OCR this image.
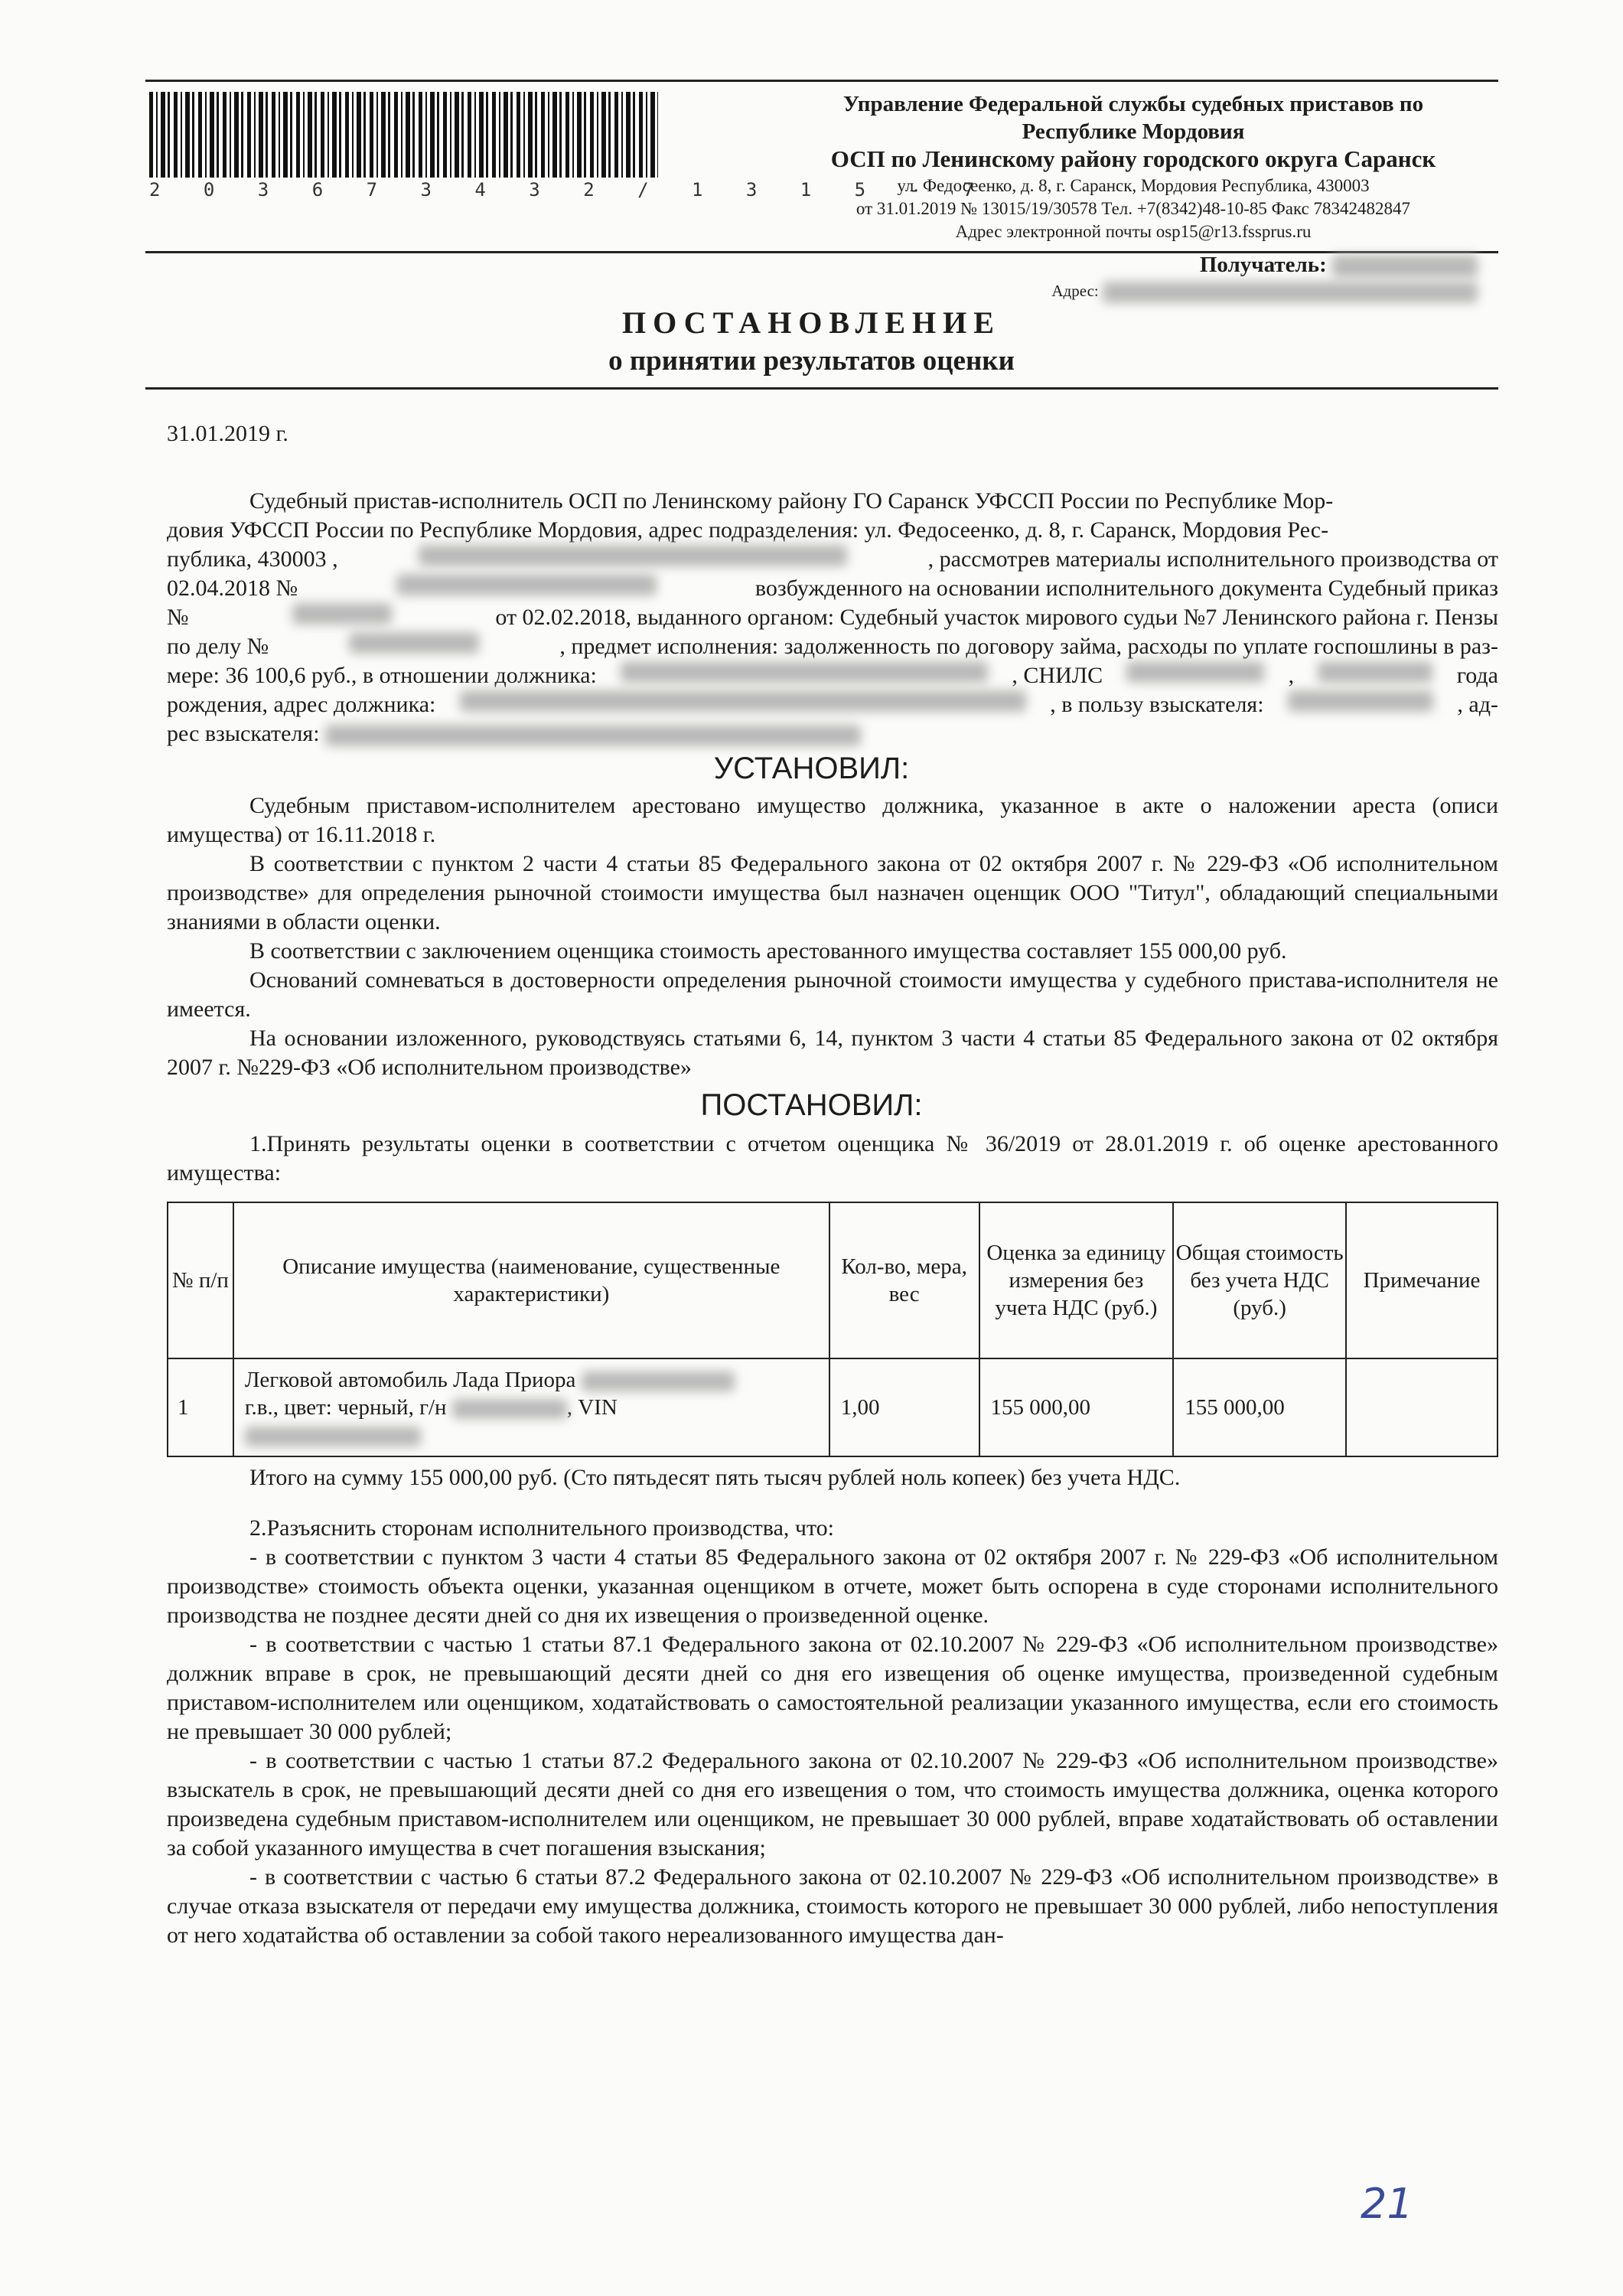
2 0 3 6 7 3 4 3 2 / 1 3 1 5 - 7
Управление Федеральной службы судебных приставов по
Республике Мордовия
ОСП по Ленинскому району городского округа Саранск
ул. Федосеенко, д. 8, г. Саранск, Мордовия Республика, 430003
от 31.01.2019 № 13015/19/30578 Тел. +7(8342)48-10-85 Факс 78342482847
Адрес электронной почты osp15@r13.fssprus.ru
Получатель:
Адрес:
ПОСТАНОВЛЕНИЕ
о принятии результатов оценки
31.01.2019 г.
Судебный пристав-исполнитель ОСП по Ленинскому району ГО Саранск УФССП России по Республике Мор-
довия УФССП России по Республике Мордовия, адрес подразделения: ул. Федосеенко, д. 8, г. Саранск, Мордовия Рес-
публика, 430003 ,	, рассмотрев материалы исполнительного производства от
02.04.2018 №	возбужденного на основании исполнительного документа Судебный приказ
№	от 02.02.2018, выданного органом: Судебный участок мирового судьи №7 Ленинского района г. Пензы
по делу №	, предмет исполнения: задолженность по договору займа, расходы по уплате госпошлины в раз-
мере: 36 100,6 руб., в отношении должника:	, СНИЛС	,	года
рождения, адрес должника:	, в пользу взыскателя:	, ад-
рес взыскателя:
УСТАНОВИЛ:

Судебным приставом-исполнителем арестовано имущество должника, указанное в акте о наложении ареста (описи имущества) от 16.11.2018 г.

В соответствии с пунктом 2 части 4 статьи 85 Федерального закона от 02 октября 2007 г. № 229-ФЗ «Об исполнительном производстве» для определения рыночной стоимости имущества был назначен оценщик ООО "Титул", обладающий специальными знаниями в области оценки.

В соответствии с заключением оценщика стоимость арестованного имущества составляет 155 000,00 руб.

Оснований сомневаться в достоверности определения рыночной стоимости имущества у судебного пристава-исполнителя не имеется.

На основании изложенного, руководствуясь статьями 6, 14, пунктом 3 части 4 статьи 85 Федерального закона от 02 октября 2007 г. №229-ФЗ «Об исполнительном производстве»

ПОСТАНОВИЛ:

1.Принять результаты оценки в соответствии с отчетом оценщика № 36/2019 от 28.01.2019 г. об оценке арестованного имущества:

№ п/п	Описание имущества (наименование, существенные характеристики)	Кол-во, мера, вес	Оценка за единицу измерения без учета НДС (руб.)	Общая стоимость без учета НДС (руб.)	Примечание
1	Легковой автомобиль Лада Приора
г.в., цвет: черный, г/н , VIN	1,00	155 000,00	155 000,00	

Итого на сумму 155 000,00 руб. (Сто пятьдесят пять тысяч рублей ноль копеек) без учета НДС.

2.Разъяснить сторонам исполнительного производства, что:

- в соответствии с пунктом 3 части 4 статьи 85 Федерального закона от 02 октября 2007 г. № 229-ФЗ «Об исполнительном производстве» стоимость объекта оценки, указанная оценщиком в отчете, может быть оспорена в суде сторонами исполнительного производства не позднее десяти дней со дня их извещения о произведенной оценке.

- в соответствии с частью 1 статьи 87.1 Федерального закона от 02.10.2007 № 229-ФЗ «Об исполнительном производстве» должник вправе в срок, не превышающий десяти дней со дня его извещения об оценке имущества, произведенной судебным приставом-исполнителем или оценщиком, ходатайствовать о самостоятельной реализации указанного имущества, если его стоимость не превышает 30 000 рублей;

- в соответствии с частью 1 статьи 87.2 Федерального закона от 02.10.2007 № 229-ФЗ «Об исполнительном производстве» взыскатель в срок, не превышающий десяти дней со дня его извещения о том, что стоимость имущества должника, оценка которого произведена судебным приставом-исполнителем или оценщиком, не превышает 30 000 рублей, вправе ходатайствовать об оставлении за собой указанного имущества в счет погашения взыскания;

- в соответствии с частью 6 статьи 87.2 Федерального закона от 02.10.2007 № 229-ФЗ «Об исполнительном производстве» в случае отказа взыскателя от передачи ему имущества должника, стоимость которого не превышает 30 000 рублей, либо непоступления от него ходатайства об оставлении за собой такого нереализованного имущества дан-

21
